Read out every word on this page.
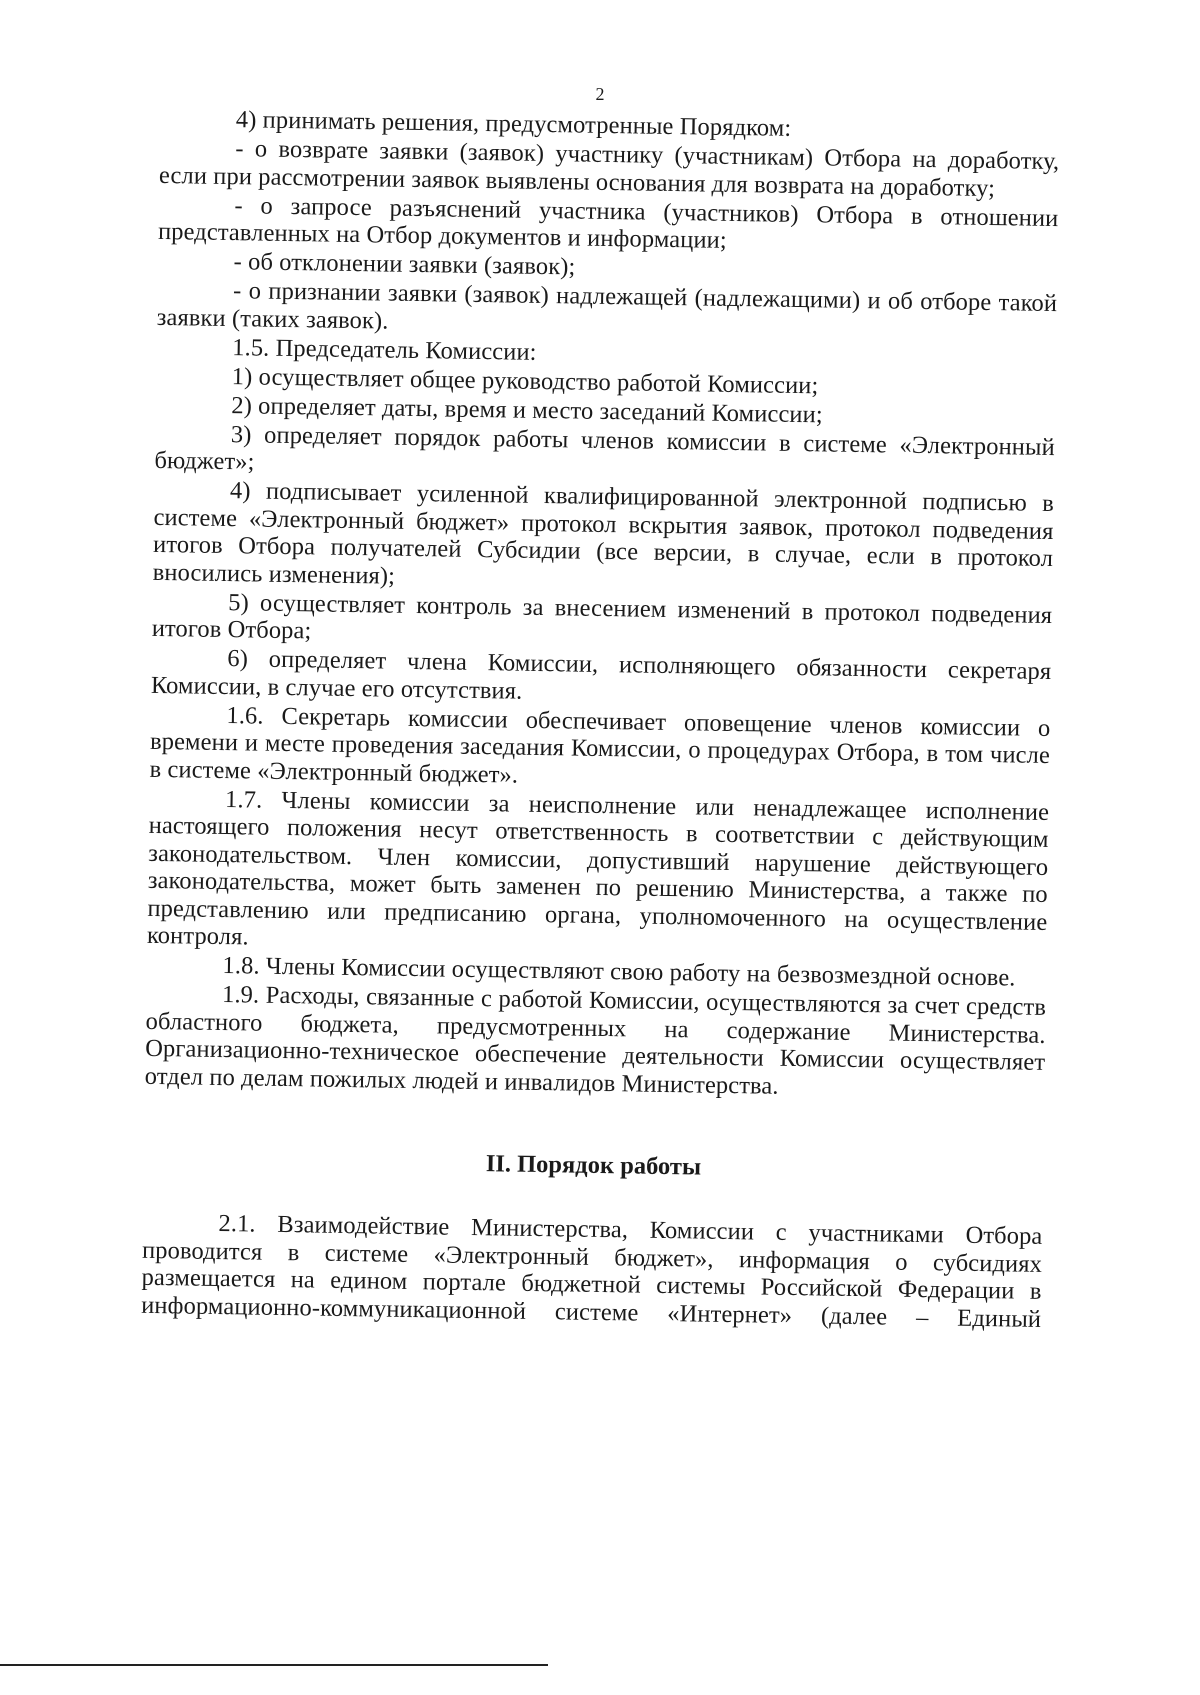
2

4) принимать решения, предусмотренные Порядком:

- о возврате заявки (заявок) участнику (участникам) Отбора на доработку, если при рассмотрении заявок выявлены основания для возврата на доработку;

- о запросе разъяснений участника (участников) Отбора в отношении представленных на Отбор документов и информации;

- об отклонении заявки (заявок);

- о признании заявки (заявок) надлежащей (надлежащими) и об отборе такой заявки (таких заявок).

1.5. Председатель Комиссии:

1) осуществляет общее руководство работой Комиссии;

2) определяет даты, время и место заседаний Комиссии;

3) определяет порядок работы членов комиссии в системе «Электронный бюджет»;

4) подписывает усиленной квалифицированной электронной подписью в системе «Электронный бюджет» протокол вскрытия заявок, протокол подведения итогов Отбора получателей Субсидии (все версии, в случае, если в протокол вносились изменения);

5) осуществляет контроль за внесением изменений в протокол подведения итогов Отбора;

6) определяет члена Комиссии, исполняющего обязанности секретаря Комиссии, в случае его отсутствия.

1.6. Секретарь комиссии обеспечивает оповещение членов комиссии о времени и месте проведения заседания Комиссии, о процедурах Отбора, в том числе в системе «Электронный бюджет».

1.7. Члены комиссии за неисполнение или ненадлежащее исполнение настоящего положения несут ответственность в соответствии с действующим законодательством. Член комиссии, допустивший нарушение действующего законодательства, может быть заменен по решению Министерства, а также по представлению или предписанию органа, уполномоченного на осуществление контроля.

1.8. Члены Комиссии осуществляют свою работу на безвозмездной основе.

1.9. Расходы, связанные с работой Комиссии, осуществляются за счет средств областного бюджета, предусмотренных на содержание Министерства. Организационно-техническое обеспечение деятельности Комиссии осуществляет отдел по делам пожилых людей и инвалидов Министерства.

II. Порядок работы

2.1. Взаимодействие Министерства, Комиссии с участниками Отбора проводится в системе «Электронный бюджет», информация о субсидиях размещается на едином портале бюджетной системы Российской Федерации в информационно-коммуникационной системе «Интернет» (далее – Единый
